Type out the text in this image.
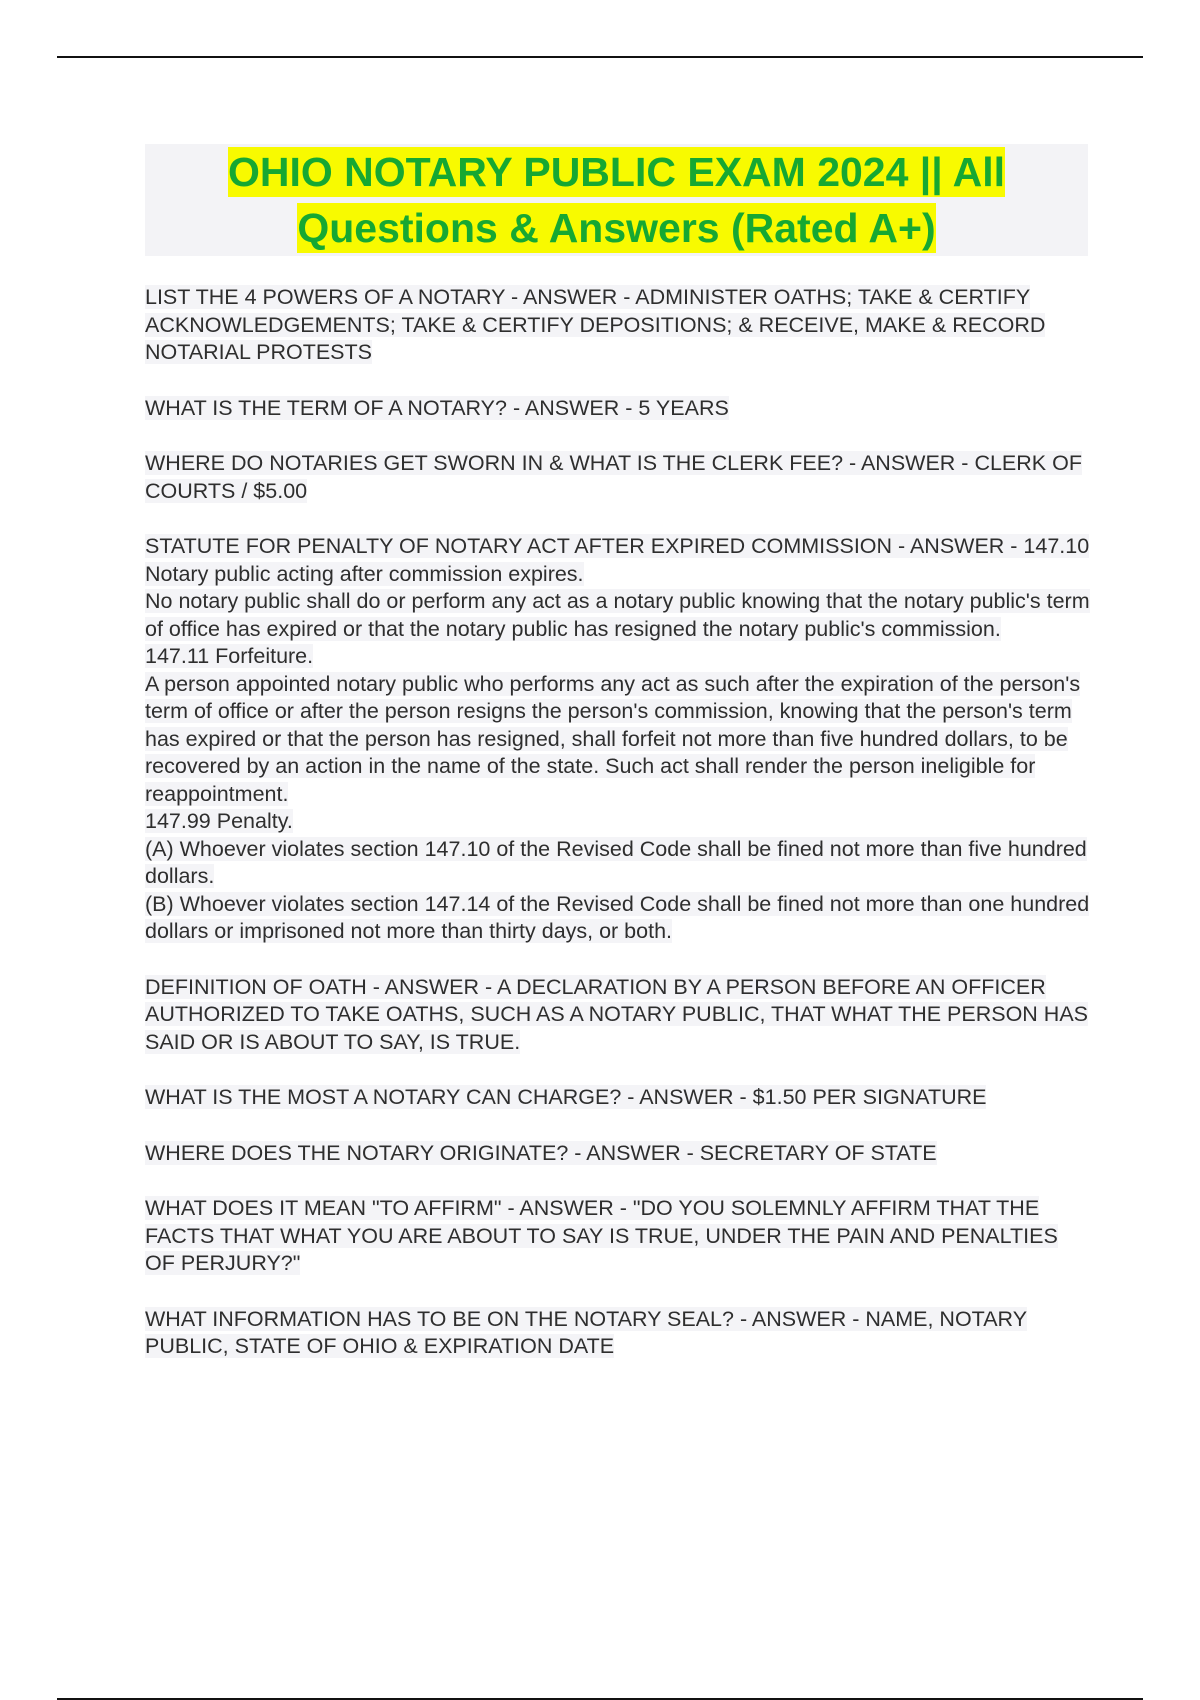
OHIO NOTARY PUBLIC EXAM 2024 || All
Questions & Answers (Rated A+)

LIST THE 4 POWERS OF A NOTARY - ANSWER - ADMINISTER OATHS; TAKE & CERTIFY ACKNOWLEDGEMENTS; TAKE & CERTIFY DEPOSITIONS; & RECEIVE, MAKE & RECORD NOTARIAL PROTESTS

WHAT IS THE TERM OF A NOTARY? - ANSWER - 5 YEARS

WHERE DO NOTARIES GET SWORN IN & WHAT IS THE CLERK FEE? - ANSWER - CLERK OF COURTS / $5.00

STATUTE FOR PENALTY OF NOTARY ACT AFTER EXPIRED COMMISSION - ANSWER - 147.10 Notary public acting after commission expires.
No notary public shall do or perform any act as a notary public knowing that the notary public's term of office has expired or that the notary public has resigned the notary public's commission.
147.11 Forfeiture.
A person appointed notary public who performs any act as such after the expiration of the person's term of office or after the person resigns the person's commission, knowing that the person's term has expired or that the person has resigned, shall forfeit not more than five hundred dollars, to be recovered by an action in the name of the state. Such act shall render the person ineligible for reappointment.
147.99 Penalty.
(A) Whoever violates section 147.10 of the Revised Code shall be fined not more than five hundred dollars.
(B) Whoever violates section 147.14 of the Revised Code shall be fined not more than one hundred dollars or imprisoned not more than thirty days, or both.

DEFINITION OF OATH - ANSWER - A DECLARATION BY A PERSON BEFORE AN OFFICER AUTHORIZED TO TAKE OATHS, SUCH AS A NOTARY PUBLIC, THAT WHAT THE PERSON HAS SAID OR IS ABOUT TO SAY, IS TRUE.

WHAT IS THE MOST A NOTARY CAN CHARGE? - ANSWER - $1.50 PER SIGNATURE

WHERE DOES THE NOTARY ORIGINATE? - ANSWER - SECRETARY OF STATE

WHAT DOES IT MEAN "TO AFFIRM" - ANSWER - "DO YOU SOLEMNLY AFFIRM THAT THE FACTS THAT WHAT YOU ARE ABOUT TO SAY IS TRUE, UNDER THE PAIN AND PENALTIES OF PERJURY?"

WHAT INFORMATION HAS TO BE ON THE NOTARY SEAL? - ANSWER - NAME, NOTARY PUBLIC, STATE OF OHIO & EXPIRATION DATE
